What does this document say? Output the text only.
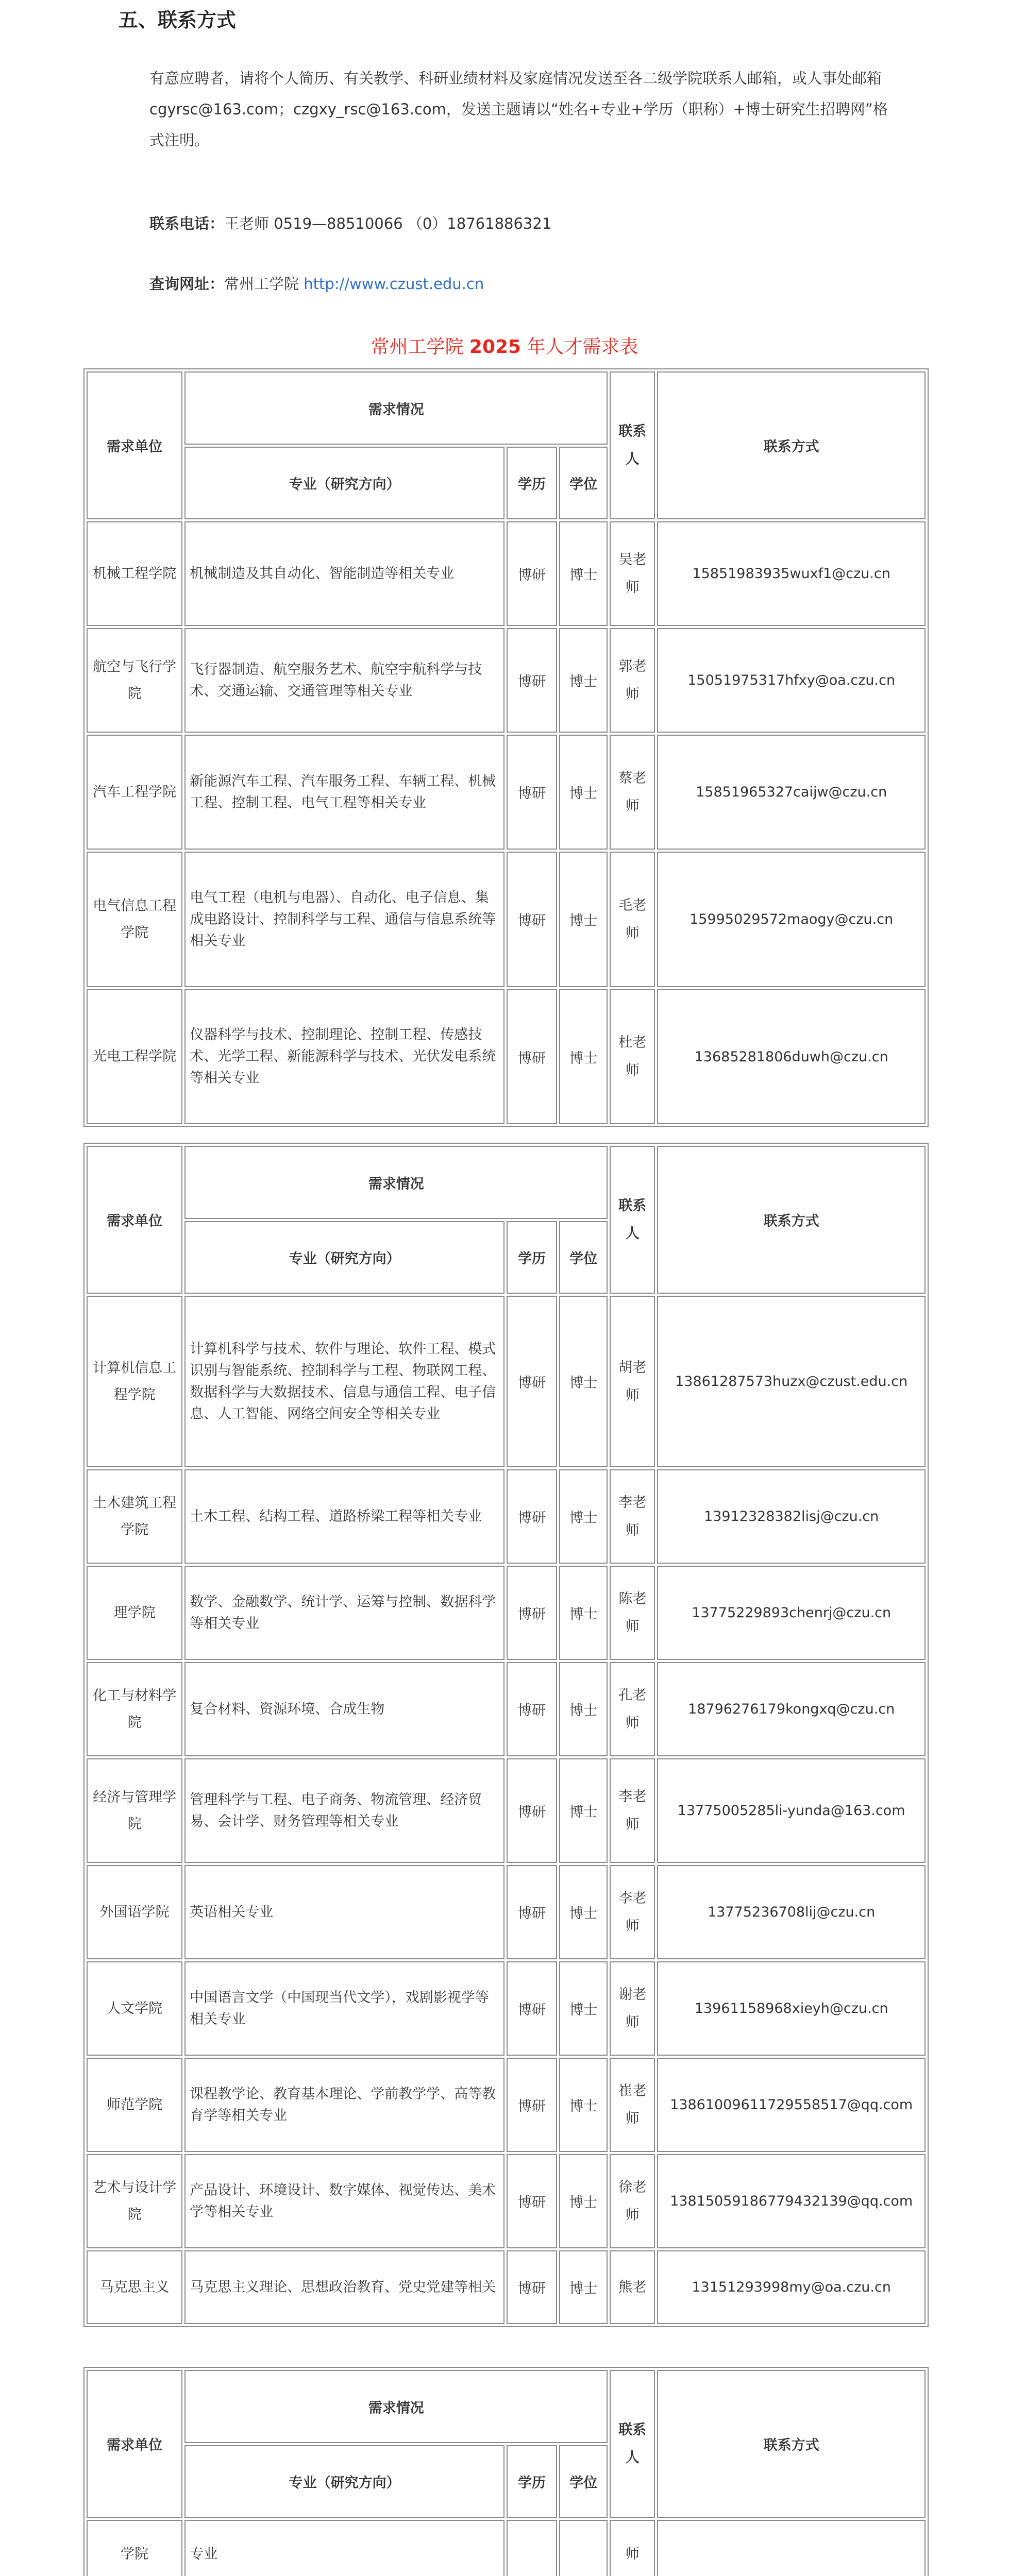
五、联系方式
有意应聘者，请将个人简历、有关教学、科研业绩材料及家庭情况发送至各二级学院联系人邮箱，或人事处邮箱 cgyrsc@163.com；czgxy_rsc@163.com，发送主题请以“姓名+专业+学历（职称）+博士研究生招聘网”格式注明。
联系电话：王老师 0519—88510066 （0）18761886321
查询网址：常州工学院 http://www.czust.edu.cn
常州工学院 2025 年人才需求表
需求单位	需求情况			联系人	联系方式
	专业（研究方向）	学历	学位		
机械工程学院	机械制造及其自动化、智能制造等相关专业	博研	博士	吴老师	15851983935wuxf1@czu.cn
航空与飞行学院	飞行器制造、航空服务艺术、航空宇航科学与技术、交通运输、交通管理等相关专业	博研	博士	郭老师	15051975317hfxy@oa.czu.cn
汽车工程学院	新能源汽车工程、汽车服务工程、车辆工程、机械工程、控制工程、电气工程等相关专业	博研	博士	蔡老师	15851965327caijw@czu.cn
电气信息工程学院	电气工程（电机与电器）、自动化、电子信息、集成电路设计、控制科学与工程、通信与信息系统等相关专业	博研	博士	毛老师	15995029572maogy@czu.cn
光电工程学院	仪器科学与技术、控制理论、控制工程、传感技术、光学工程、新能源科学与技术、光伏发电系统等相关专业	博研	博士	杜老师	13685281806duwh@czu.cn
需求单位	需求情况			联系人	联系方式
	专业（研究方向）	学历	学位		
计算机信息工程学院	计算机科学与技术、软件与理论、软件工程、模式识别与智能系统、控制科学与工程、物联网工程、数据科学与大数据技术、信息与通信工程、电子信息、人工智能、网络空间安全等相关专业	博研	博士	胡老师	13861287573huzx@czust.edu.cn
土木建筑工程学院	土木工程、结构工程、道路桥梁工程等相关专业	博研	博士	李老师	13912328382lisj@czu.cn
理学院	数学、金融数学、统计学、运筹与控制、数据科学等相关专业	博研	博士	陈老师	13775229893chenrj@czu.cn
化工与材料学院	复合材料、资源环境、合成生物	博研	博士	孔老师	18796276179kongxq@czu.cn
经济与管理学院	管理科学与工程、电子商务、物流管理、经济贸易、会计学、财务管理等相关专业	博研	博士	李老师	13775005285li-yunda@163.com
外国语学院	英语相关专业	博研	博士	李老师	13775236708lij@czu.cn
人文学院	中国语言文学（中国现当代文学），戏剧影视学等相关专业	博研	博士	谢老师	13961158968xieyh@czu.cn
师范学院	课程教学论、教育基本理论、学前教学学、高等教育学等相关专业	博研	博士	崔老师	13861009611729558517@qq.com
艺术与设计学院	产品设计、环境设计、数字媒体、视觉传达、美术学等相关专业	博研	博士	徐老师	13815059186779432139@qq.com
马克思主义	马克思主义理论、思想政治教育、党史党建等相关	博研	博士	熊老	13151293998my@oa.czu.cn
需求单位	需求情况			联系人	联系方式
	专业（研究方向）	学历	学位		
学院	专业			师	
